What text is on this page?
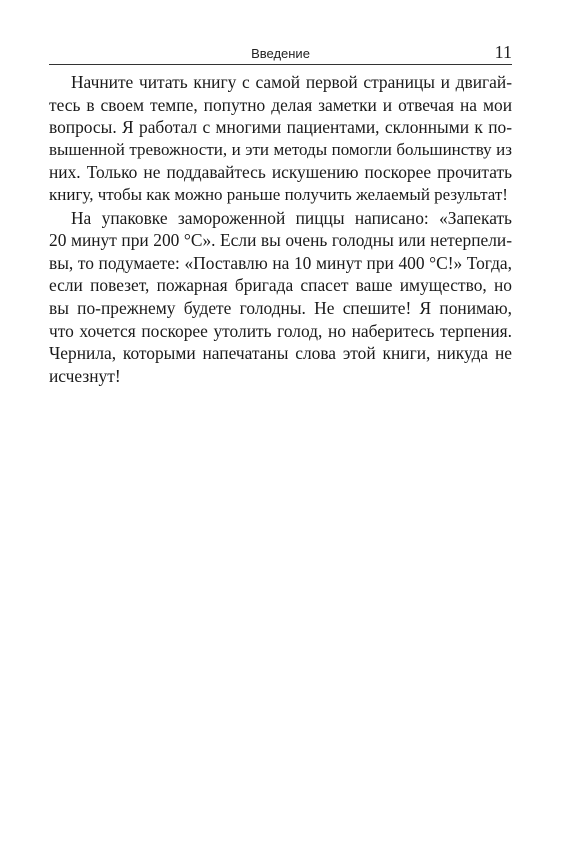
Введение	11
Начните читать книгу с самой первой страницы и двигай-
тесь в своем темпе, попутно делая заметки и отвечая на мои
вопросы. Я работал с многими пациентами, склонными к по-
вышенной тревожности, и эти методы помогли большинству из
них. Только не поддавайтесь искушению поскорее прочитать
книгу, чтобы как можно раньше получить желаемый результат!
На упаковке замороженной пиццы написано: «Запекать
20 минут при 200 °С». Если вы очень голодны или нетерпели-
вы, то подумаете: «Поставлю на 10 минут при 400 °С!» Тогда,
если повезет, пожарная бригада спасет ваше имущество, но
вы по-прежнему будете голодны. Не спешите! Я понимаю,
что хочется поскорее утолить голод, но наберитесь терпения.
Чернила, которыми напечатаны слова этой книги, никуда не
исчезнут!
